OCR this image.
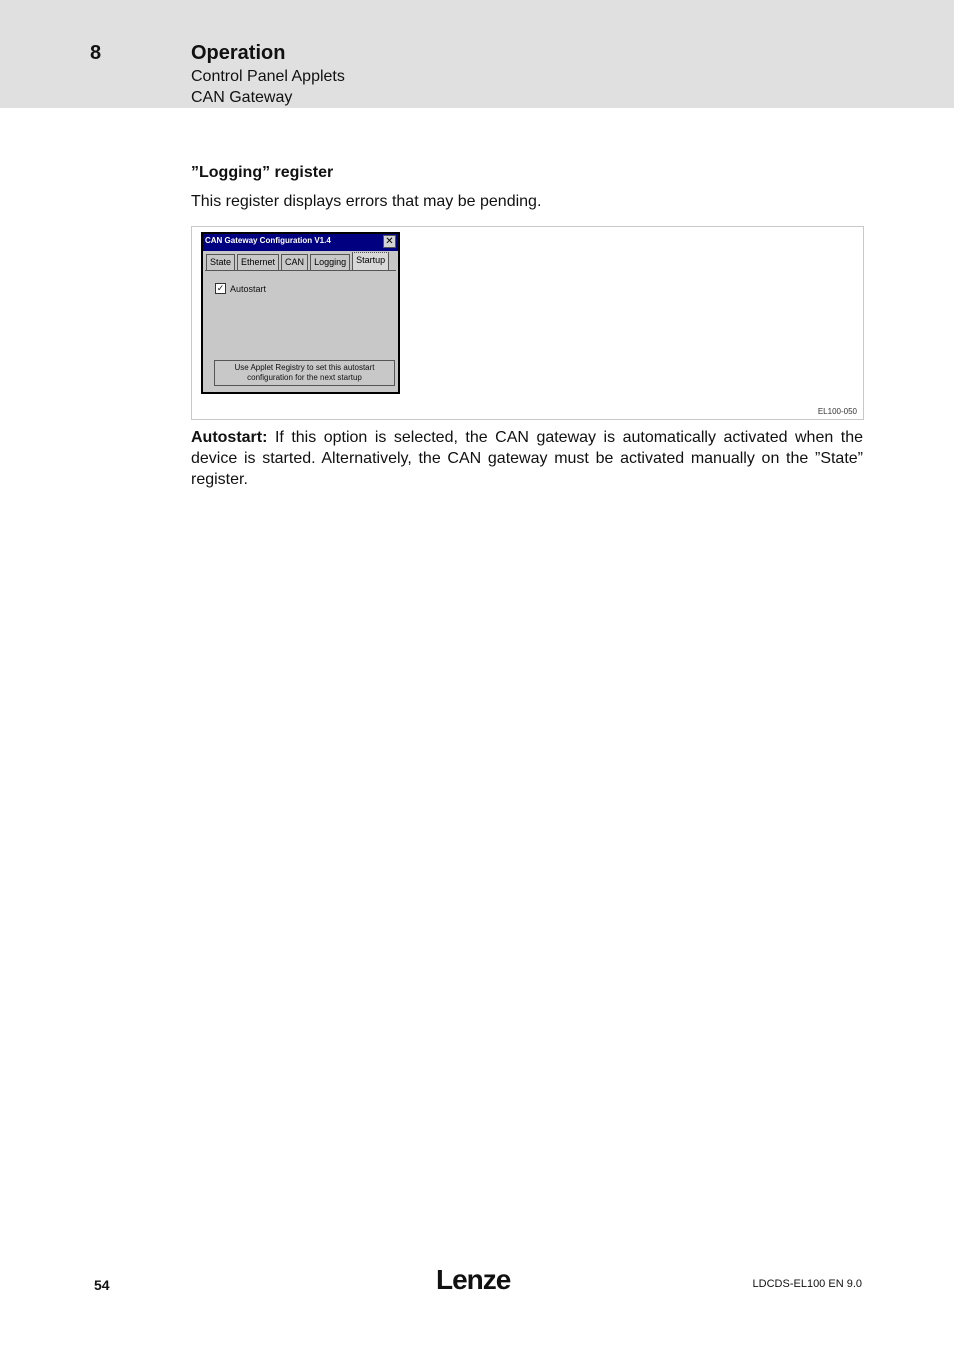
8	Operation
Control Panel Applets
CAN Gateway
”Logging” register
This register displays errors that may be pending.
CAN Gateway Configuration V1.4	✕
State	Ethernet	CAN	Logging	Startup
✓ Autostart
Use Applet Registry to set this autostart
configuration for the next startup
EL100-050
Autostart: If this option is selected, the CAN gateway is automatically activated when the device is started. Alternatively, the CAN gateway must be activated manually on the ”State” register.
54	Lenze	LDCDS-EL100 EN 9.0
